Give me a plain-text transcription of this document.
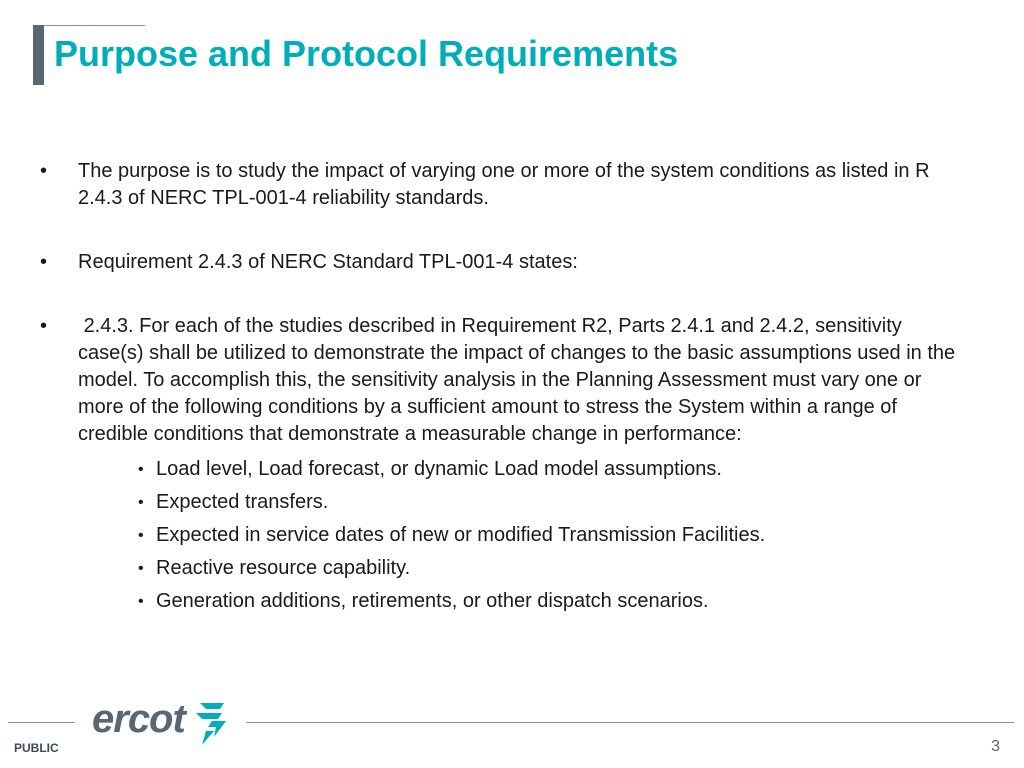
Purpose and Protocol Requirements
•	The purpose is to study the impact of varying one or more of the system conditions as listed in R 2.4.3 of NERC TPL-001-4 reliability standards.
•	Requirement 2.4.3 of NERC Standard TPL-001-4 states:
•	2.4.3. For each of the studies described in Requirement R2, Parts 2.4.1 and 2.4.2, sensitivity case(s) shall be utilized to demonstrate the impact of changes to the basic assumptions used in the model. To accomplish this, the sensitivity analysis in the Planning Assessment must vary one or more of the following conditions by a sufficient amount to stress the System within a range of credible conditions that demonstrate a measurable change in performance:
• Load level, Load forecast, or dynamic Load model assumptions.
• Expected transfers.
• Expected in service dates of new or modified Transmission Facilities.
• Reactive resource capability.
• Generation additions, retirements, or other dispatch scenarios.
ercot
PUBLIC	3
